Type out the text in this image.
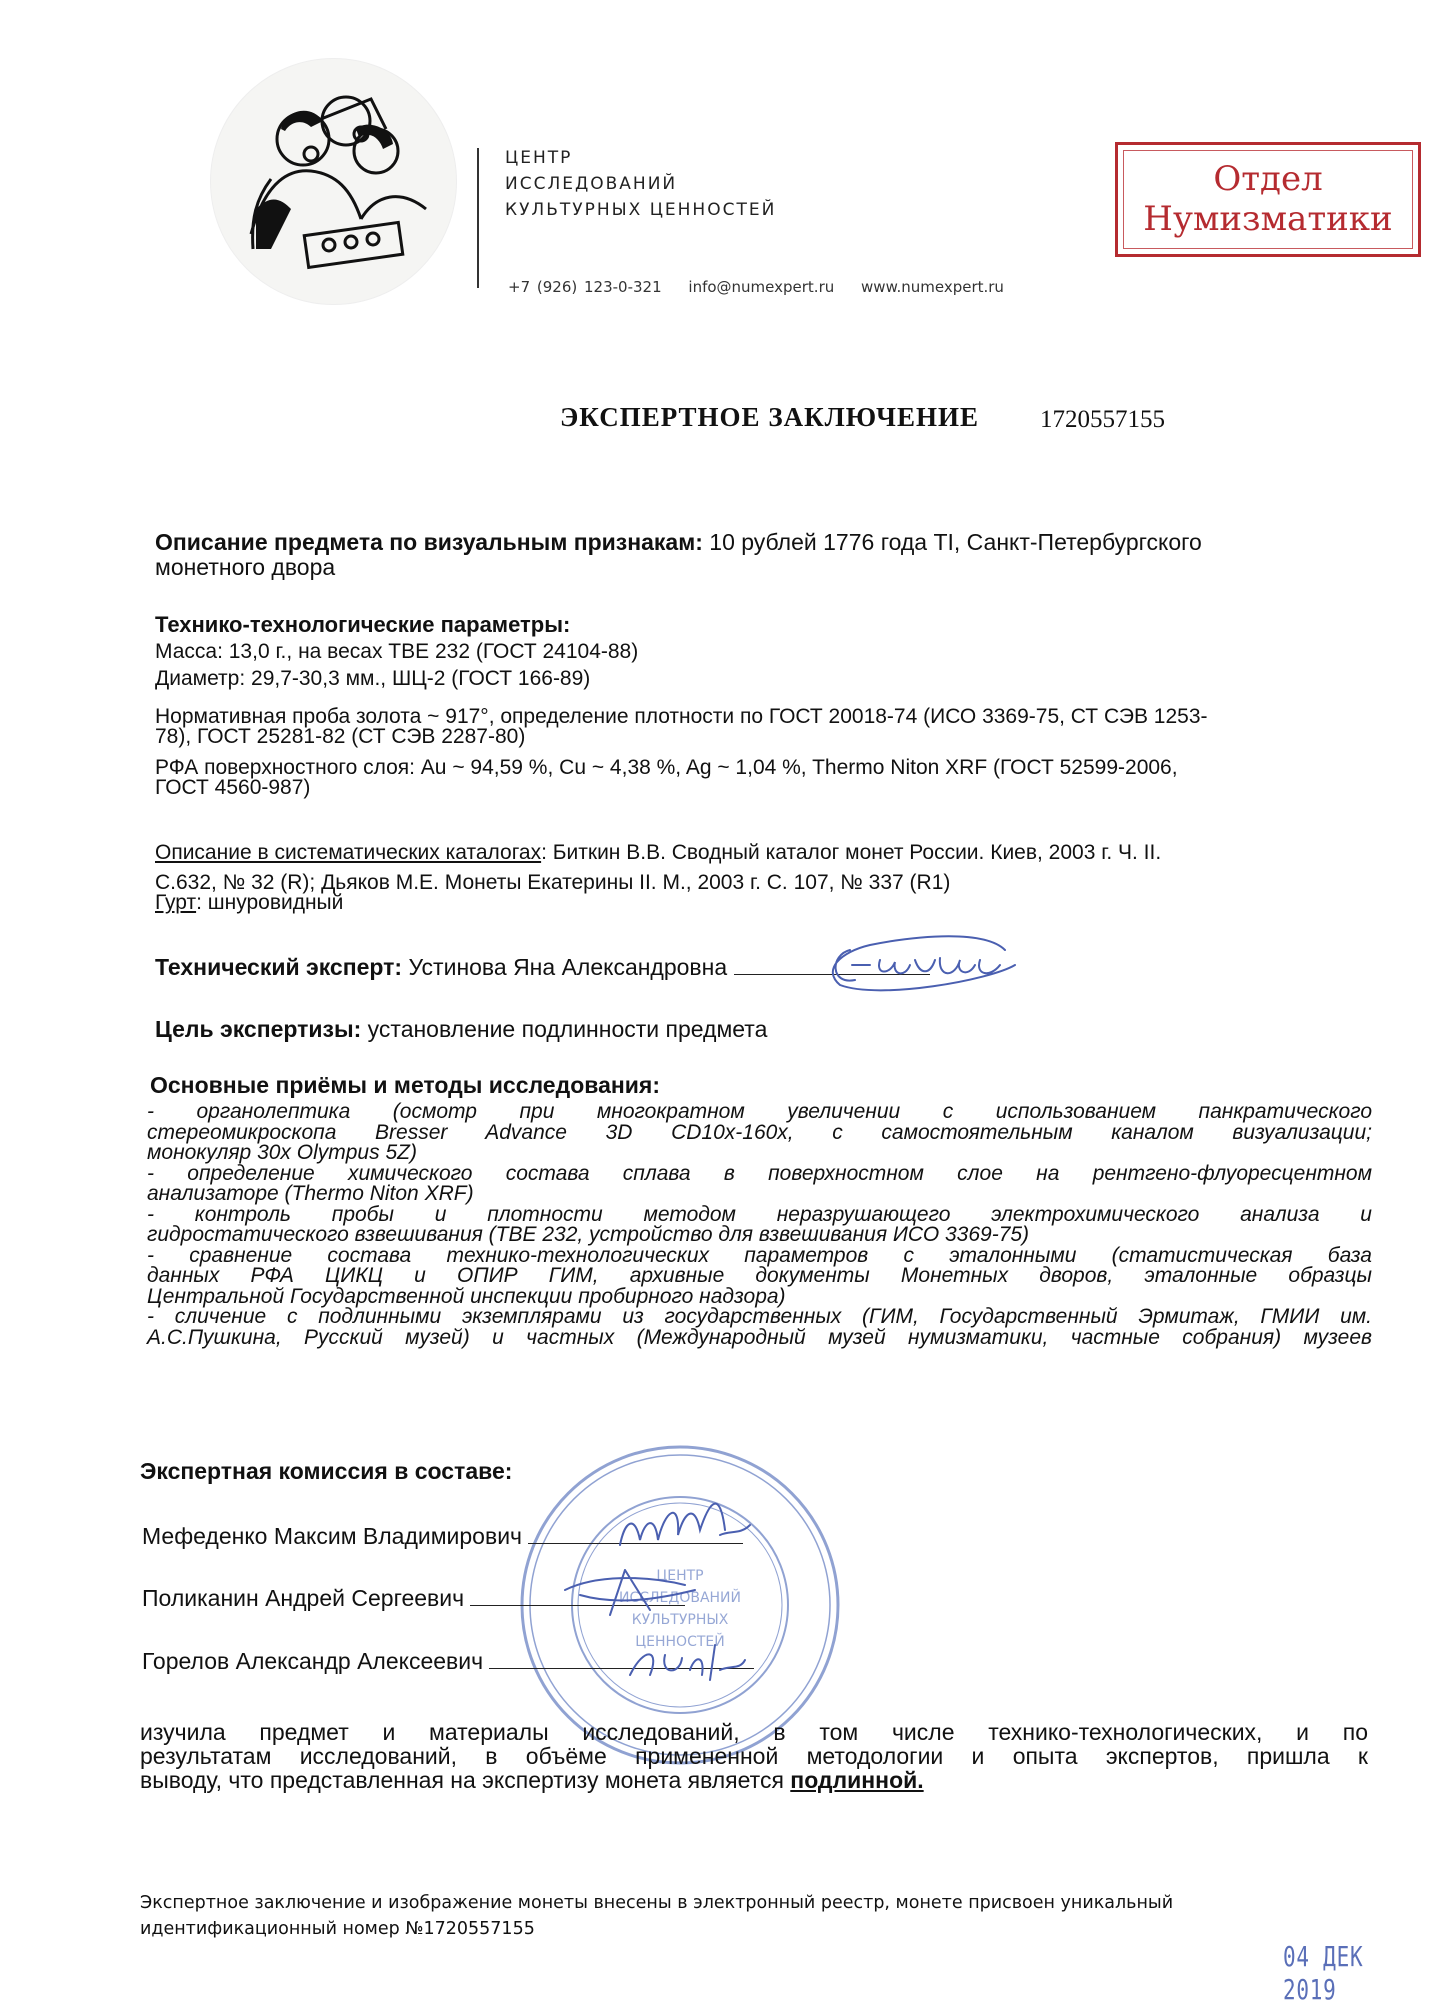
ЦЕНТР
ИССЛЕДОВАНИЙ
КУЛЬТУРНЫХ ЦЕННОСТЕЙ
+7 (926) 123-0-321 info@numexpert.ru www.numexpert.ru
Отдел
Нумизматики
ЭКСПЕРТНОЕ ЗАКЛЮЧЕНИЕ 1720557155
Описание предмета по визуальным признакам: 10 рублей 1776 года TI, Санкт-Петербургского
монетного двора
Технико-технологические параметры:
Масса: 13,0 г., на весах ТВЕ 232 (ГОСТ 24104-88)
Диаметр: 29,7-30,3 мм., ШЦ-2 (ГОСТ 166-89)
Нормативная проба золота ~ 917°, определение плотности по ГОСТ 20018-74 (ИСО 3369-75, СТ СЭВ 1253-
78), ГОСТ 25281-82 (СТ СЭВ 2287-80)
РФА поверхностного слоя: Au ~ 94,59 %, Cu ~ 4,38 %, Ag ~ 1,04 %, Thermo Niton XRF (ГОСТ 52599-2006,
ГОСТ 4560-987)
Описание в систематических каталогах: Биткин В.В. Сводный каталог монет России. Киев, 2003 г. Ч. II.
С.632, № 32 (R); Дьяков М.Е. Монеты Екатерины II. М., 2003 г. С. 107, № 337 (R1)
Гурт: шнуровидный
Технический эксперт: Устинова Яна Александровна
Цель экспертизы: установление подлинности предмета
Основные приёмы и методы исследования:
- органолептика (осмотр при многократном увеличении с использованием панкратического
стереомикроскопа Bresser Advance 3D CD10x-160x, с самостоятельным каналом визуализации;
монокуляр 30x Olympus 5Z)
- определение химического состава сплава в поверхностном слое на рентгено-флуоресцентном
анализаторе (Thermo Niton XRF)
- контроль пробы и плотности методом неразрушающего электрохимического анализа и
гидростатического взвешивания (ТВЕ 232, устройство для взвешивания ИСО 3369-75)
- сравнение состава технико-технологических параметров с эталонными (статистическая база
данных РФА ЦИКЦ и ОПИР ГИМ, архивные документы Монетных дворов, эталонные образцы
Центральной Государственной инспекции пробирного надзора)
- сличение с подлинными экземплярами из государственных (ГИМ, Государственный Эрмитаж, ГМИИ им.
А.С.Пушкина, Русский музей) и частных (Международный музей нумизматики, частные собрания) музеев
ЦЕНТР
ИССЛЕДОВАНИЙ
КУЛЬТУРНЫХ
ЦЕННОСТЕЙ
Экспертная комиссия в составе:
Мефеденко Максим Владимирович
Поликанин Андрей Сергеевич
Горелов Александр Алексеевич
изучила предмет и материалы исследований, в том числе технико-технологических, и по
результатам исследований, в объёме примененной методологии и опыта экспертов, пришла к
выводу, что представленная на экспертизу монета является подлинной.
Экспертное заключение и изображение монеты внесены в электронный реестр, монете присвоен уникальный
идентификационный номер №1720557155
04 ДЕК 2019
